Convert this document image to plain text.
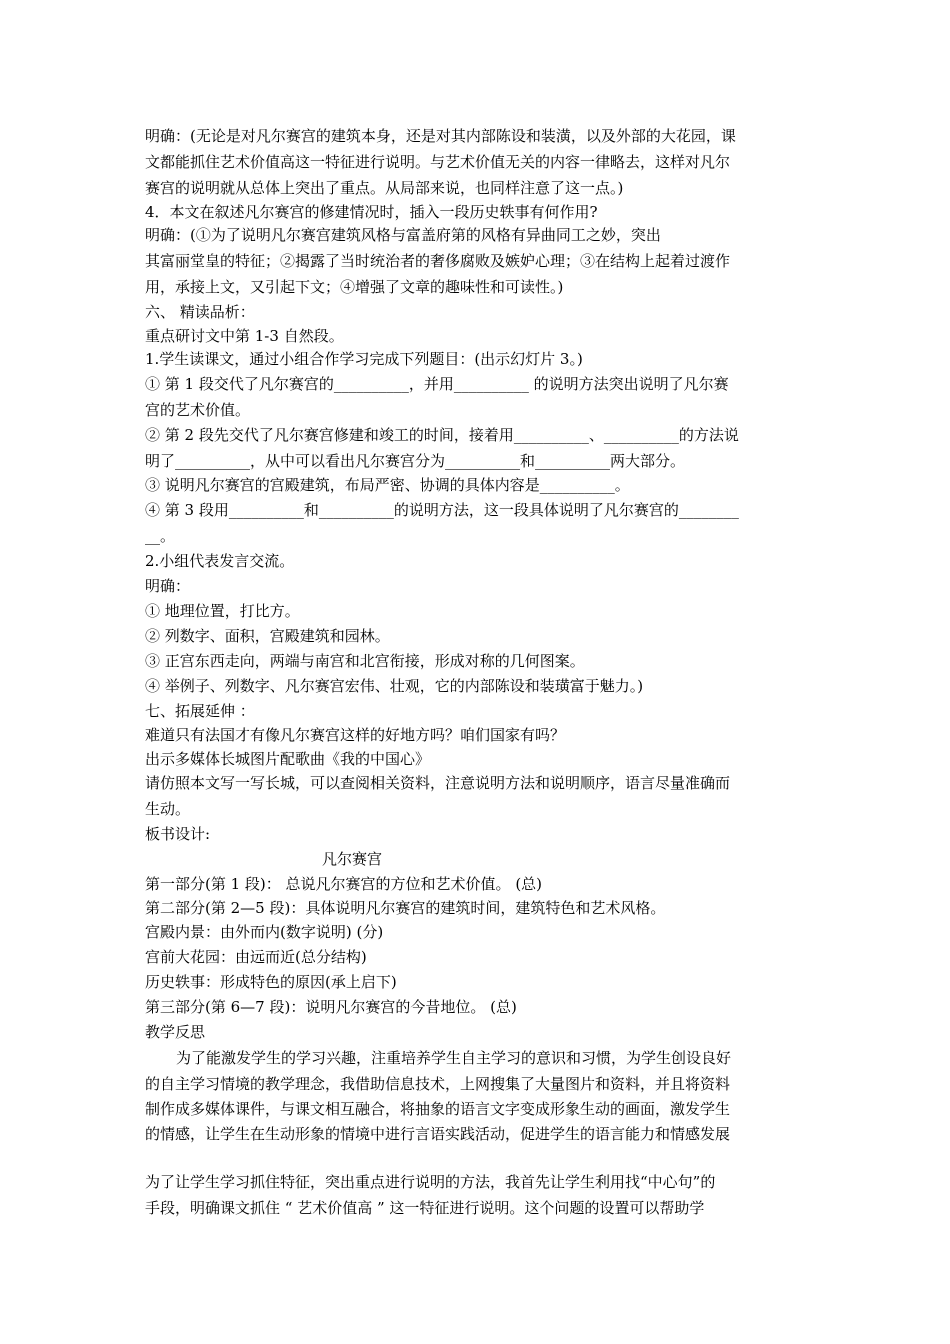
明确：(无论是对凡尔赛宫的建筑本身，还是对其内部陈设和装潢，以及外部的大花园，课
文都能抓住艺术价值高这一特征进行说明。与艺术价值无关的内容一律略去，这样对凡尔
赛宫的说明就从总体上突出了重点。从局部来说，也同样注意了这一点。)
4．本文在叙述凡尔赛宫的修建情况时，插入一段历史轶事有何作用?
明确：(①为了说明凡尔赛宫建筑风格与富盖府第的风格有异曲同工之妙，突出
其富丽堂皇的特征；②揭露了当时统治者的奢侈腐败及嫉妒心理；③在结构上起着过渡作
用，承接上文，又引起下文；④增强了文章的趣味性和可读性。)
六、 精读品析：
重点研讨文中第 1-3 自然段。
1.学生读课文，通过小组合作学习完成下列题目：(出示幻灯片 3。)
① 第 1 段交代了凡尔赛宫的__________，并用__________ 的说明方法突出说明了凡尔赛
宫的艺术价值。
② 第 2 段先交代了凡尔赛宫修建和竣工的时间，接着用__________、__________的方法说
明了__________，从中可以看出凡尔赛宫分为__________和__________两大部分。
③ 说明凡尔赛宫的宫殿建筑，布局严密、协调的具体内容是__________。
④ 第 3 段用__________和__________的说明方法，这一段具体说明了凡尔赛宫的________
__。
2.小组代表发言交流。
明确：
① 地理位置，打比方。
② 列数字、面积，宫殿建筑和园林。
③ 正宫东西走向，两端与南宫和北宫衔接，形成对称的几何图案。
④ 举例子、列数字、凡尔赛宫宏伟、壮观，它的内部陈设和装璜富于魅力。)
七、拓展延伸 ：
难道只有法国才有像凡尔赛宫这样的好地方吗？咱们国家有吗？
出示多媒体长城图片配歌曲《我的中国心》
请仿照本文写一写长城，可以查阅相关资料，注意说明方法和说明顺序，语言尽量准确而
生动。
板书设计:
凡尔赛宫
第一部分(第 1 段)： 总说凡尔赛宫的方位和艺术价值。 (总)
第二部分(第 2—5 段)：具体说明凡尔赛宫的建筑时间，建筑特色和艺术风格。
宫殿内景：由外而内(数字说明) (分)
宫前大花园：由远而近(总分结构)
历史轶事：形成特色的原因(承上启下)
第三部分(第 6—7 段)：说明凡尔赛宫的今昔地位。 (总)
教学反思
为了能激发学生的学习兴趣，注重培养学生自主学习的意识和习惯，为学生创设良好
的自主学习情境的教学理念，我借助信息技术，上网搜集了大量图片和资料，并且将资料
制作成多媒体课件，与课文相互融合，将抽象的语言文字变成形象生动的画面，激发学生
的情感，让学生在生动形象的情境中进行言语实践活动，促进学生的语言能力和情感发展
为了让学生学习抓住特征，突出重点进行说明的方法，我首先让学生利用找“中心句”的
手段，明确课文抓住 “ 艺术价值高 ” 这一特征进行说明。这个问题的设置可以帮助学
